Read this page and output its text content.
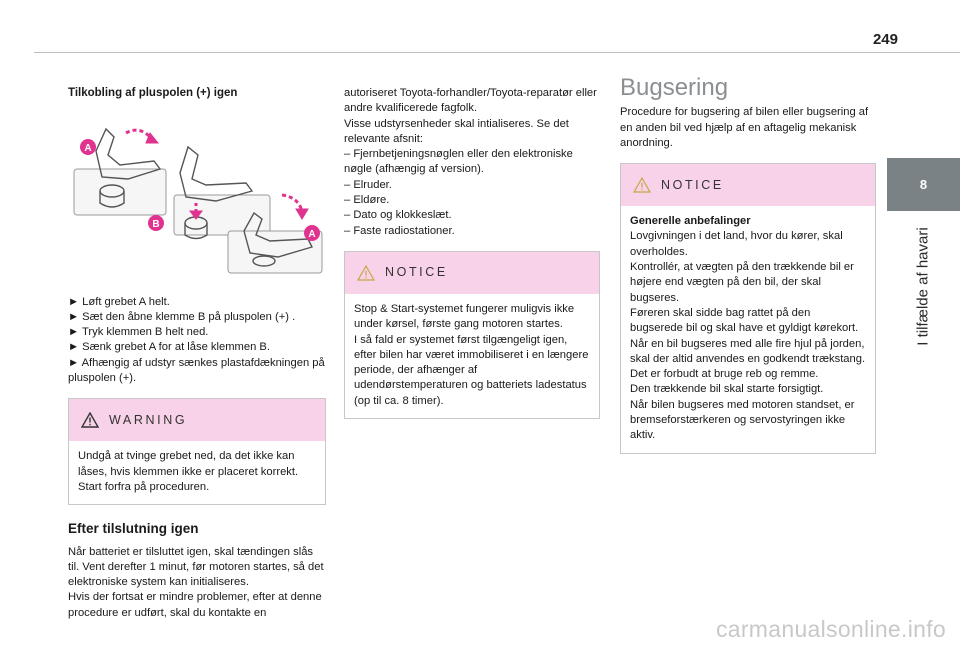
249
8
I tilfælde af havari

Tilkobling af pluspolen (+) igen

A
B
A
► Løft grebet A helt.
► Sæt den åbne klemme B på pluspolen (+) .
► Tryk klemmen B helt ned.
► Sænk grebet A for at låse klemmen B.
► Afhængig af udstyr sænkes plastafdækningen på pluspolen (+).
WARNING

Undgå at tvinge grebet ned, da det ikke kan låses, hvis klemmen ikke er placeret korrekt. Start forfra på proceduren.

Efter tilslutning igen

Når batteriet er tilsluttet igen, skal tændingen slås til. Vent derefter 1 minut, før motoren startes, så det elektroniske system kan initialiseres.

Hvis der fortsat er mindre problemer, efter at denne procedure er udført, skal du kontakte en

autoriseret Toyota-forhandler/Toyota-reparatør eller andre kvalificerede fagfolk.

Visse udstyrsenheder skal intialiseres. Se det relevante afsnit:

– Fjernbetjeningsnøglen eller den elektroniske nøgle (afhængig af version).
– Elruder.
– Eldøre.
– Dato og klokkeslæt.
– Faste radiostationer.
NOTICE

Stop & Start-systemet fungerer muligvis ikke under kørsel, første gang motoren startes.

I så fald er systemet først tilgængeligt igen, efter bilen har været immobiliseret i en længere periode, der afhænger af udendørstemperaturen og batteriets ladestatus (op til ca. 8 timer).

Bugsering

Procedure for bugsering af bilen eller bugsering af en anden bil ved hjælp af en aftagelig mekanisk anordning.

NOTICE

Generelle anbefalinger

Lovgivningen i det land, hvor du kører, skal overholdes.

Kontrollér, at vægten på den trækkende bil er højere end vægten på den bil, der skal bugseres.

Føreren skal sidde bag rattet på den bugserede bil og skal have et gyldigt kørekort.

Når en bil bugseres med alle fire hjul på jorden, skal der altid anvendes en godkendt trækstang. Det er forbudt at bruge reb og remme.

Den trækkende bil skal starte forsigtigt.

Når bilen bugseres med motoren standset, er bremseforstærkeren og servostyringen ikke aktiv.

carmanualsonline.info
